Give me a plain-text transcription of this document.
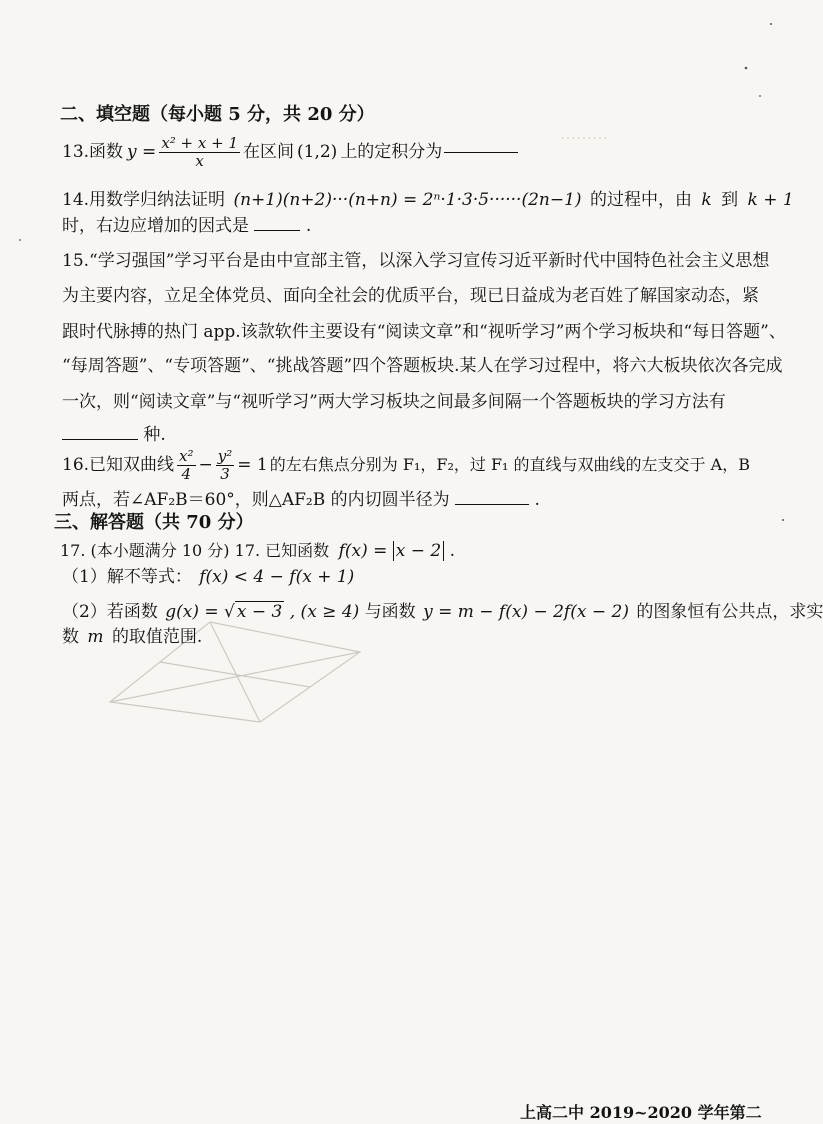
………
二、填空题（每小题 5 分，共 20 分）
13. 函数 $y = \frac{\text{x² + x + 1}}{x}$ 在区间 (1,2) 上的定积分为
14.用数学归纳法证明 (n+1)(n+2)···(n+n) = 2ⁿ·1·3·5······(2n−1) 的过程中，由 k 到 k + 1
时，右边应增加的因式是	.
15.“学习强国”学习平台是由中宣部主管，以深入学习宣传习近平新时代中国特色社会主义思想
为主要内容，立足全体党员、面向全社会的优质平台，现已日益成为老百姓了解国家动态，紧
跟时代脉搏的热门 app.该款软件主要设有“阅读文章”和“视听学习”两个学习板块和“每日答题”、
“每周答题”、“专项答题”、“挑战答题”四个答题板块.某人在学习过程中，将六大板块依次各完成
一次，则“阅读文章”与“视听学习”两大学习板块之间最多间隔一个答题板块的学习方法有
种.
16.已知双曲线 $\frac{\text{x²}}{4} - \frac{\text{y²}}{3} = 1$ 的左右焦点分别为 F₁，F₂，过 F₁ 的直线与双曲线的左支交于 A，B
两点，若∠AF₂B＝60°，则△AF₂B 的内切圆半径为	.
三、解答题（共 70 分）
17. (本小题满分 10 分) 17. 已知函数 f(x) = x − 2 .
（1）解不等式： f(x) < 4 − f(x + 1)
（2）若函数 g(x) = √ x − 3 , (x ≥ 4) 与函数 y = m − f(x) − 2f(x − 2) 的图象恒有公共点，求实
数 m 的取值范围.
上高二中 2019~2020 学年第二
